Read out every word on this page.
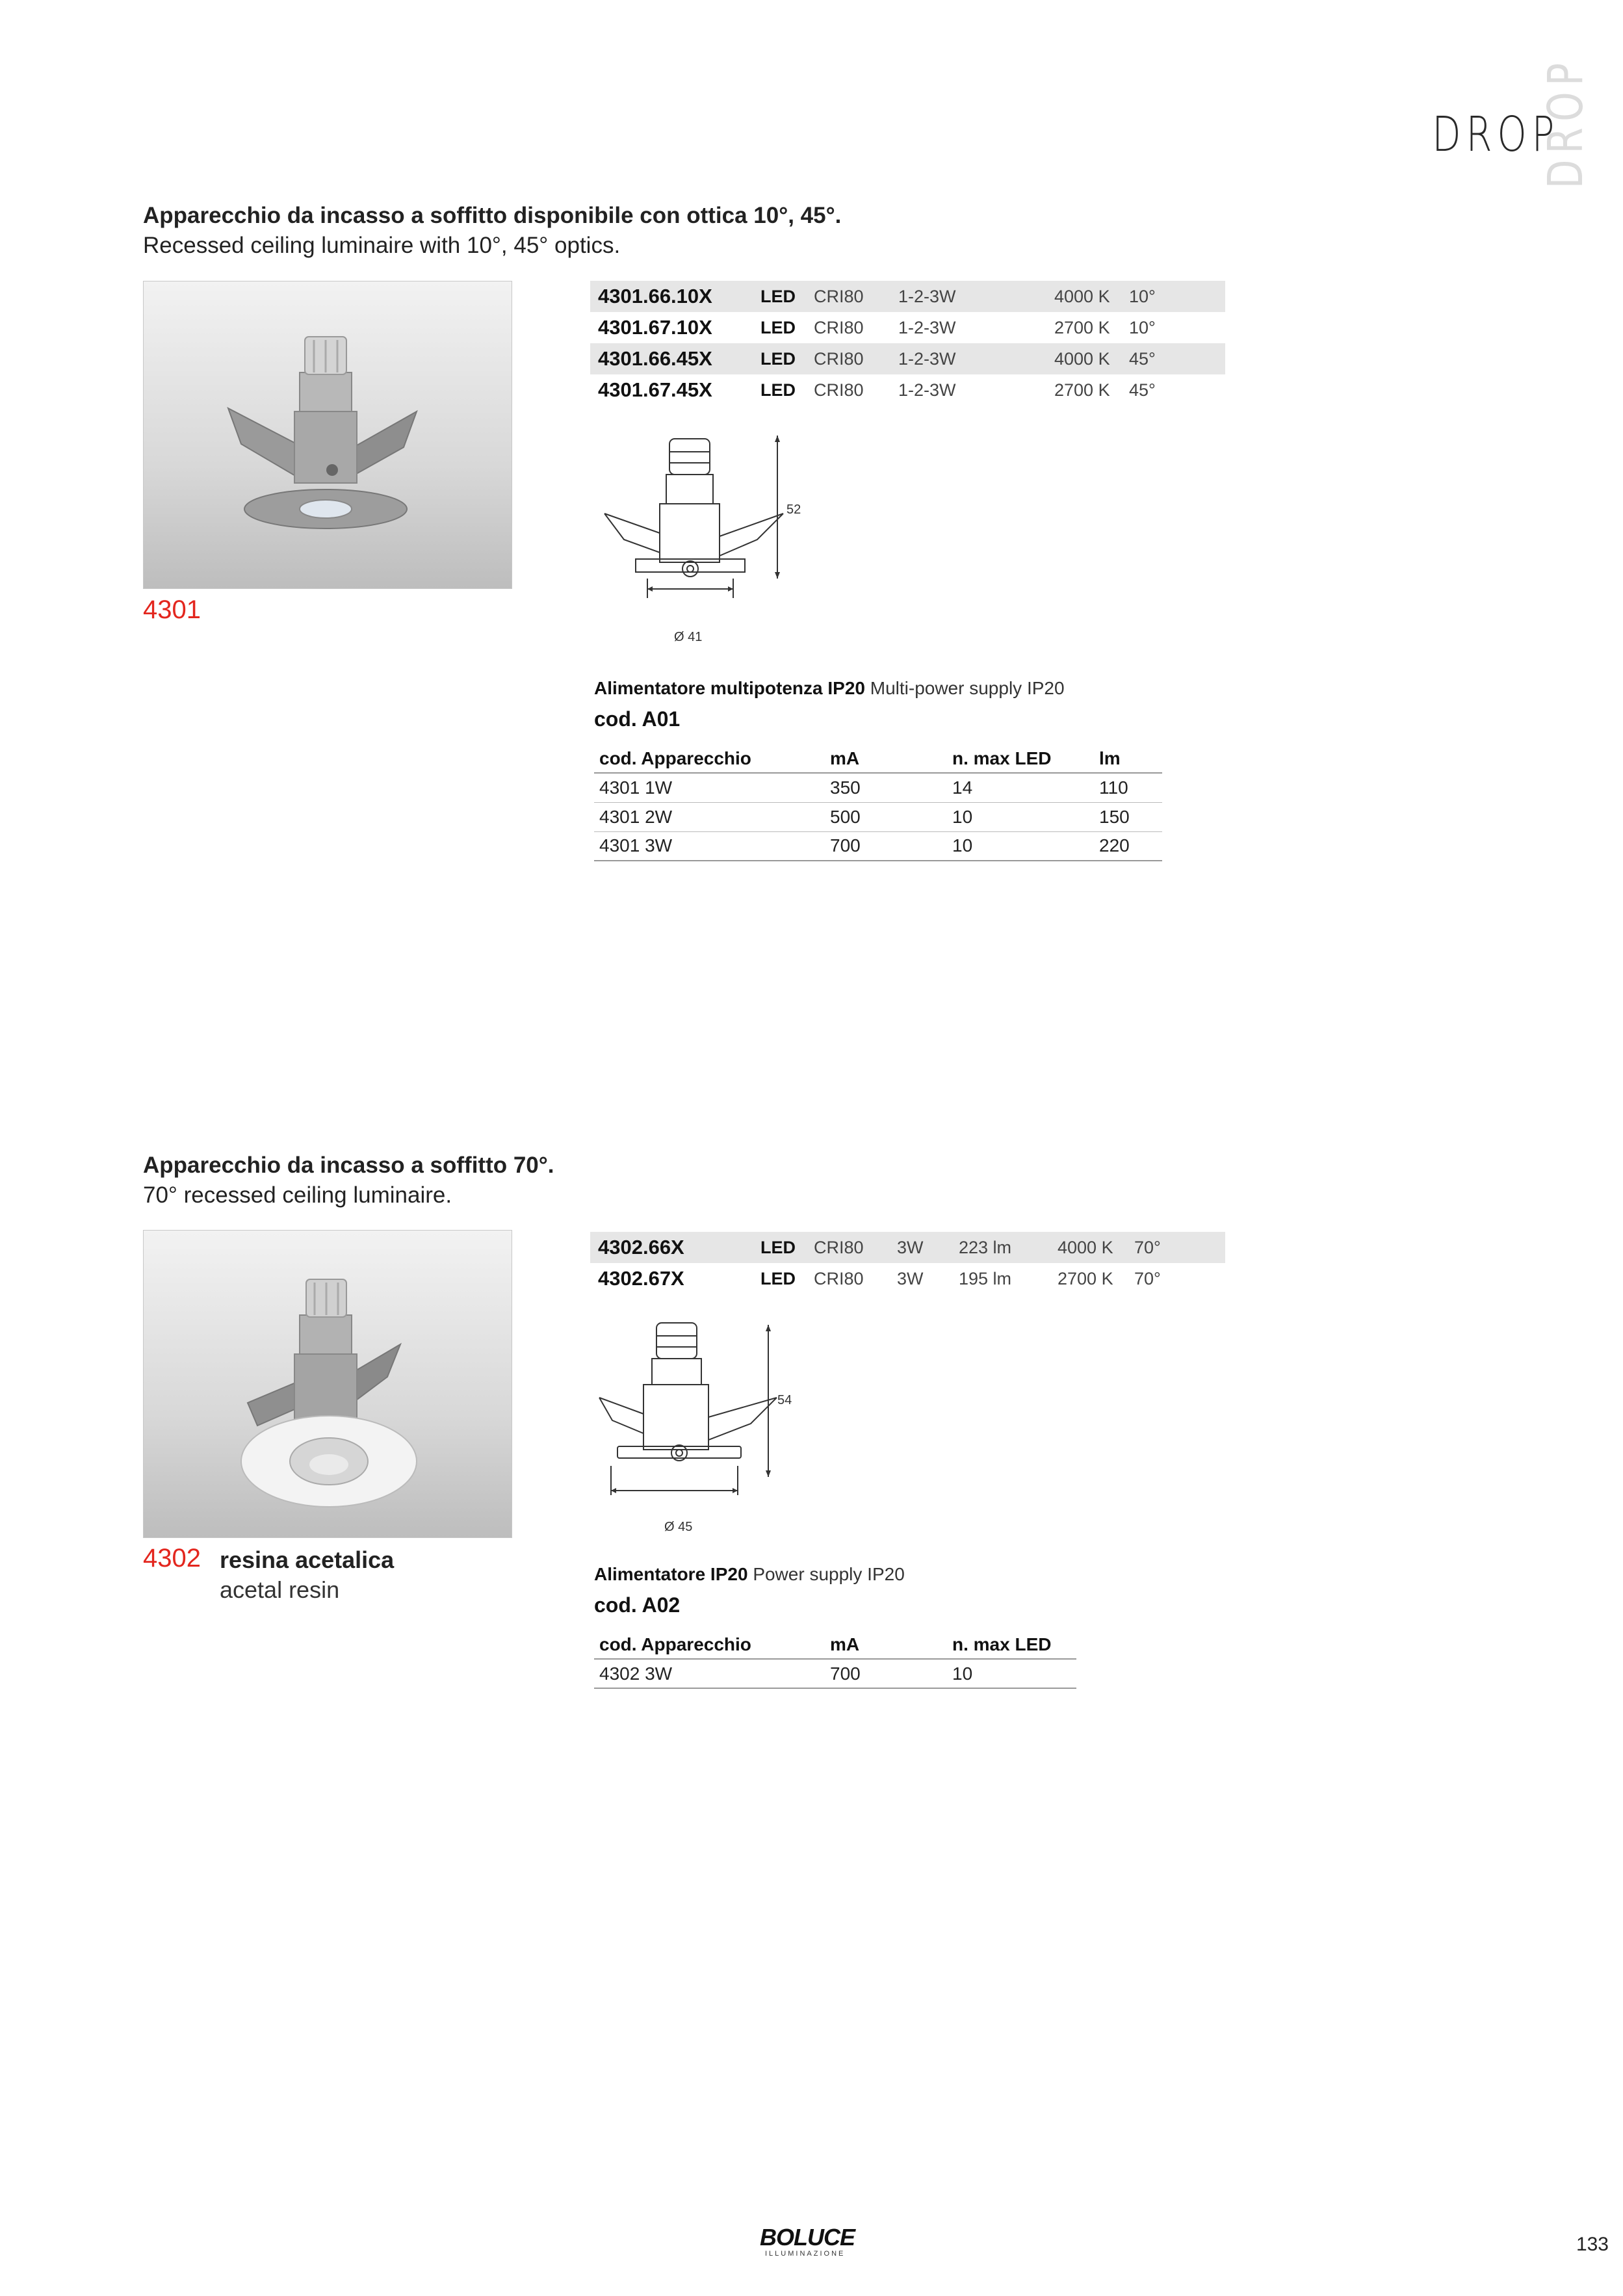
DROP
DROP
Apparecchio da incasso a soffitto disponibile con ottica 10°, 45°.
Recessed ceiling luminaire with 10°, 45° optics.
4301
4301.66.10X	LED	CRI80	1-2-3W	4000 K	10°
4301.67.10X	LED	CRI80	1-2-3W	2700 K	10°
4301.66.45X	LED	CRI80	1-2-3W	4000 K	45°
4301.67.45X	LED	CRI80	1-2-3W	2700 K	45°
52
Ø 41
Alimentatore multipotenza IP20 Multi-power supply IP20
cod. A01
cod. Apparecchio	mA	n. max LED	lm
4301 1W	350	14	110
4301 2W	500	10	150
4301 3W	700	10	220
Apparecchio da incasso a soffitto 70°.
70° recessed ceiling luminaire.
4302 resina acetalica
acetal resin
4302.66X	LED	CRI80	3W	223 lm	4000 K	70°
4302.67X	LED	CRI80	3W	195 lm	2700 K	70°
54
Ø 45
Alimentatore IP20 Power supply IP20
cod. A02
cod. Apparecchio	mA	n. max LED
4302 3W	700	10
BOLUCE
ILLUMINAZIONE	133
